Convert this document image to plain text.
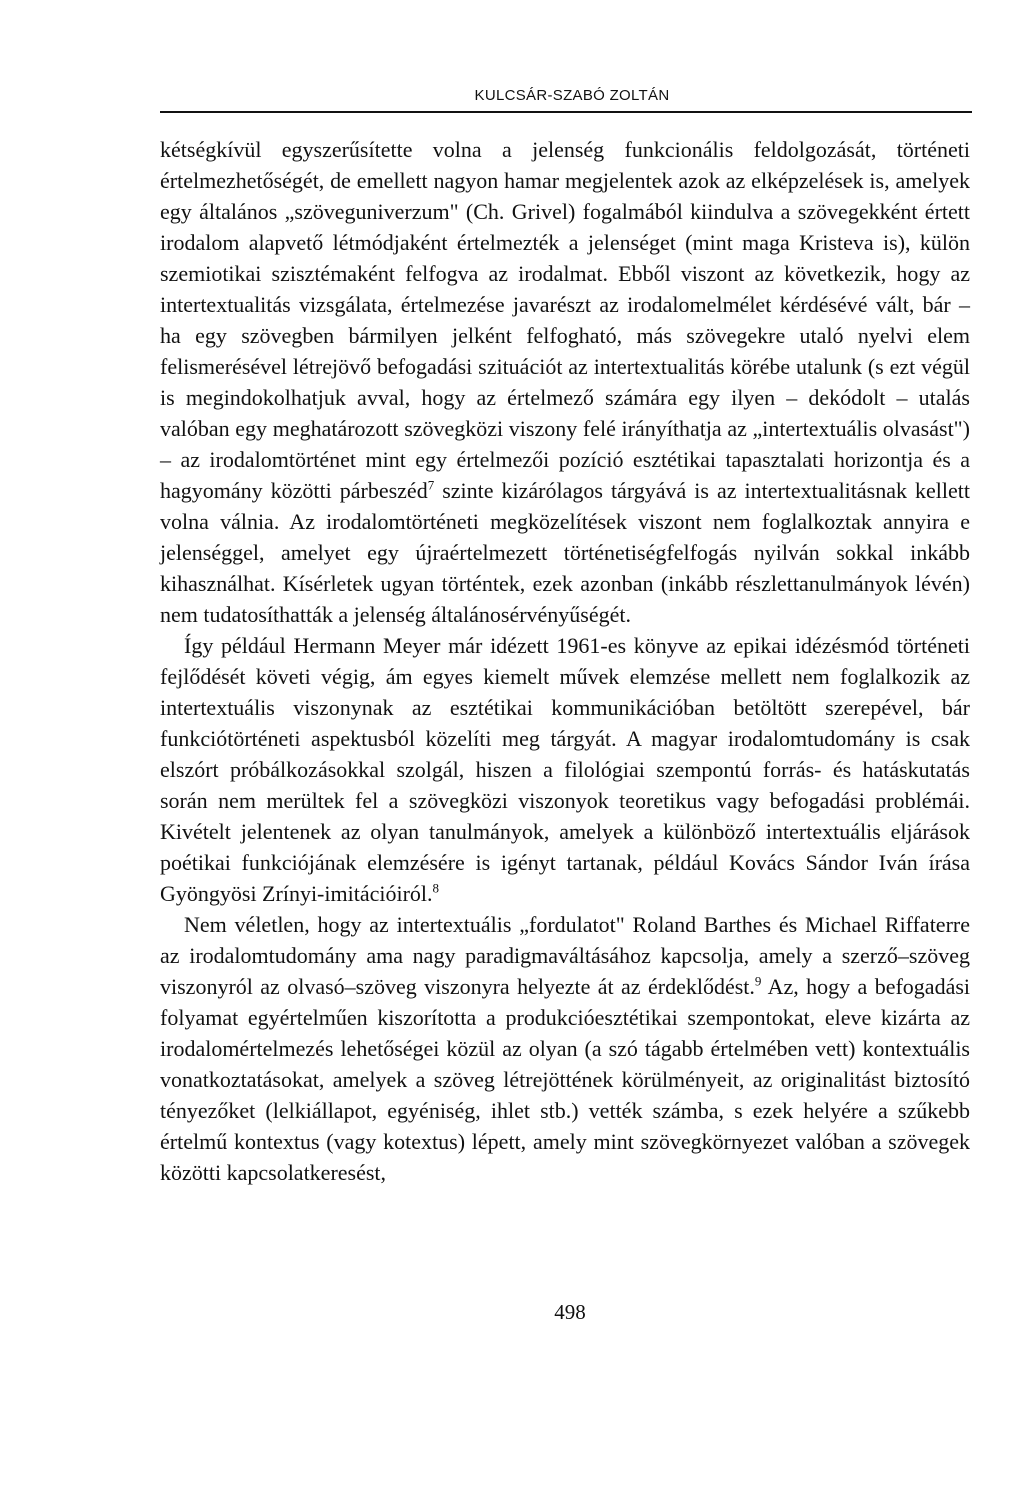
KULCSÁR-SZABÓ ZOLTÁN

kétségkívül egyszerűsítette volna a jelenség funkcionális feldolgozását, történeti értelmezhetőségét, de emellett nagyon hamar megjelentek azok az elképzelések is, amelyek egy általános „szöveguniverzum" (Ch. Grivel) fogalmából kiindulva a szövegekként értett irodalom alapvető létmódjaként értelmezték a jelenséget (mint maga Kristeva is), külön szemiotikai szisztémaként felfogva az irodalmat. Ebből viszont az következik, hogy az intertextualitás vizsgálata, értelmezése javarészt az irodalomelmélet kérdésévé vált, bár – ha egy szövegben bármilyen jelként felfogható, más szövegekre utaló nyelvi elem felismerésével létrejövő befogadási szituációt az intertextualitás körébe utalunk (s ezt végül is megindokolhatjuk avval, hogy az értelmező számára egy ilyen – dekódolt – utalás valóban egy meghatározott szövegközi viszony felé irányíthatja az „intertextuális olvasást") – az irodalomtörténet mint egy értelmezői pozíció esztétikai tapasztalati horizontja és a hagyomány közötti párbeszéd$^7$ szinte kizárólagos tárgyává is az intertextualitásnak kellett volna válnia. Az irodalomtörténeti megközelítések viszont nem foglalkoztak annyira e jelenséggel, amelyet egy újraértelmezett történetiségfelfogás nyilván sokkal inkább kihasználhat. Kísérletek ugyan történtek, ezek azonban (inkább részlettanulmányok lévén) nem tudatosíthatták a jelenség általánosérvényűségét.

Így például Hermann Meyer már idézett 1961-es könyve az epikai idézésmód történeti fejlődését követi végig, ám egyes kiemelt művek elemzése mellett nem foglalkozik az intertextuális viszonynak az esztétikai kommunikációban betöltött szerepével, bár funkciótörténeti aspektusból közelíti meg tárgyát. A magyar irodalomtudomány is csak elszórt próbálkozásokkal szolgál, hiszen a filológiai szempontú forrás- és hatáskutatás során nem merültek fel a szövegközi viszonyok teoretikus vagy befogadási problémái. Kivételt jelentenek az olyan tanulmányok, amelyek a különböző intertextuális eljárások poétikai funkciójának elemzésére is igényt tartanak, például Kovács Sándor Iván írása Gyöngyösi Zrínyi-imitációiról.$^8$

Nem véletlen, hogy az intertextuális „fordulatot" Roland Barthes és Michael Riffaterre az irodalomtudomány ama nagy paradigmaváltásához kapcsolja, amely a szerző–szöveg viszonyról az olvasó–szöveg viszonyra helyezte át az érdeklődést.$^9$ Az, hogy a befogadási folyamat egyértelműen kiszorította a produkcióesztétikai szempontokat, eleve kizárta az irodalomértelmezés lehetőségei közül az olyan (a szó tágabb értelmében vett) kontextuális vonatkoztatásokat, amelyek a szöveg létrejöttének körülményeit, az originalitást biztosító tényezőket (lelkiállapot, egyéniség, ihlet stb.) vették számba, s ezek helyére a szűkebb értelmű kontextus (vagy kotextus) lépett, amely mint szövegkörnyezet valóban a szövegek közötti kapcsolatkeresést,

498
